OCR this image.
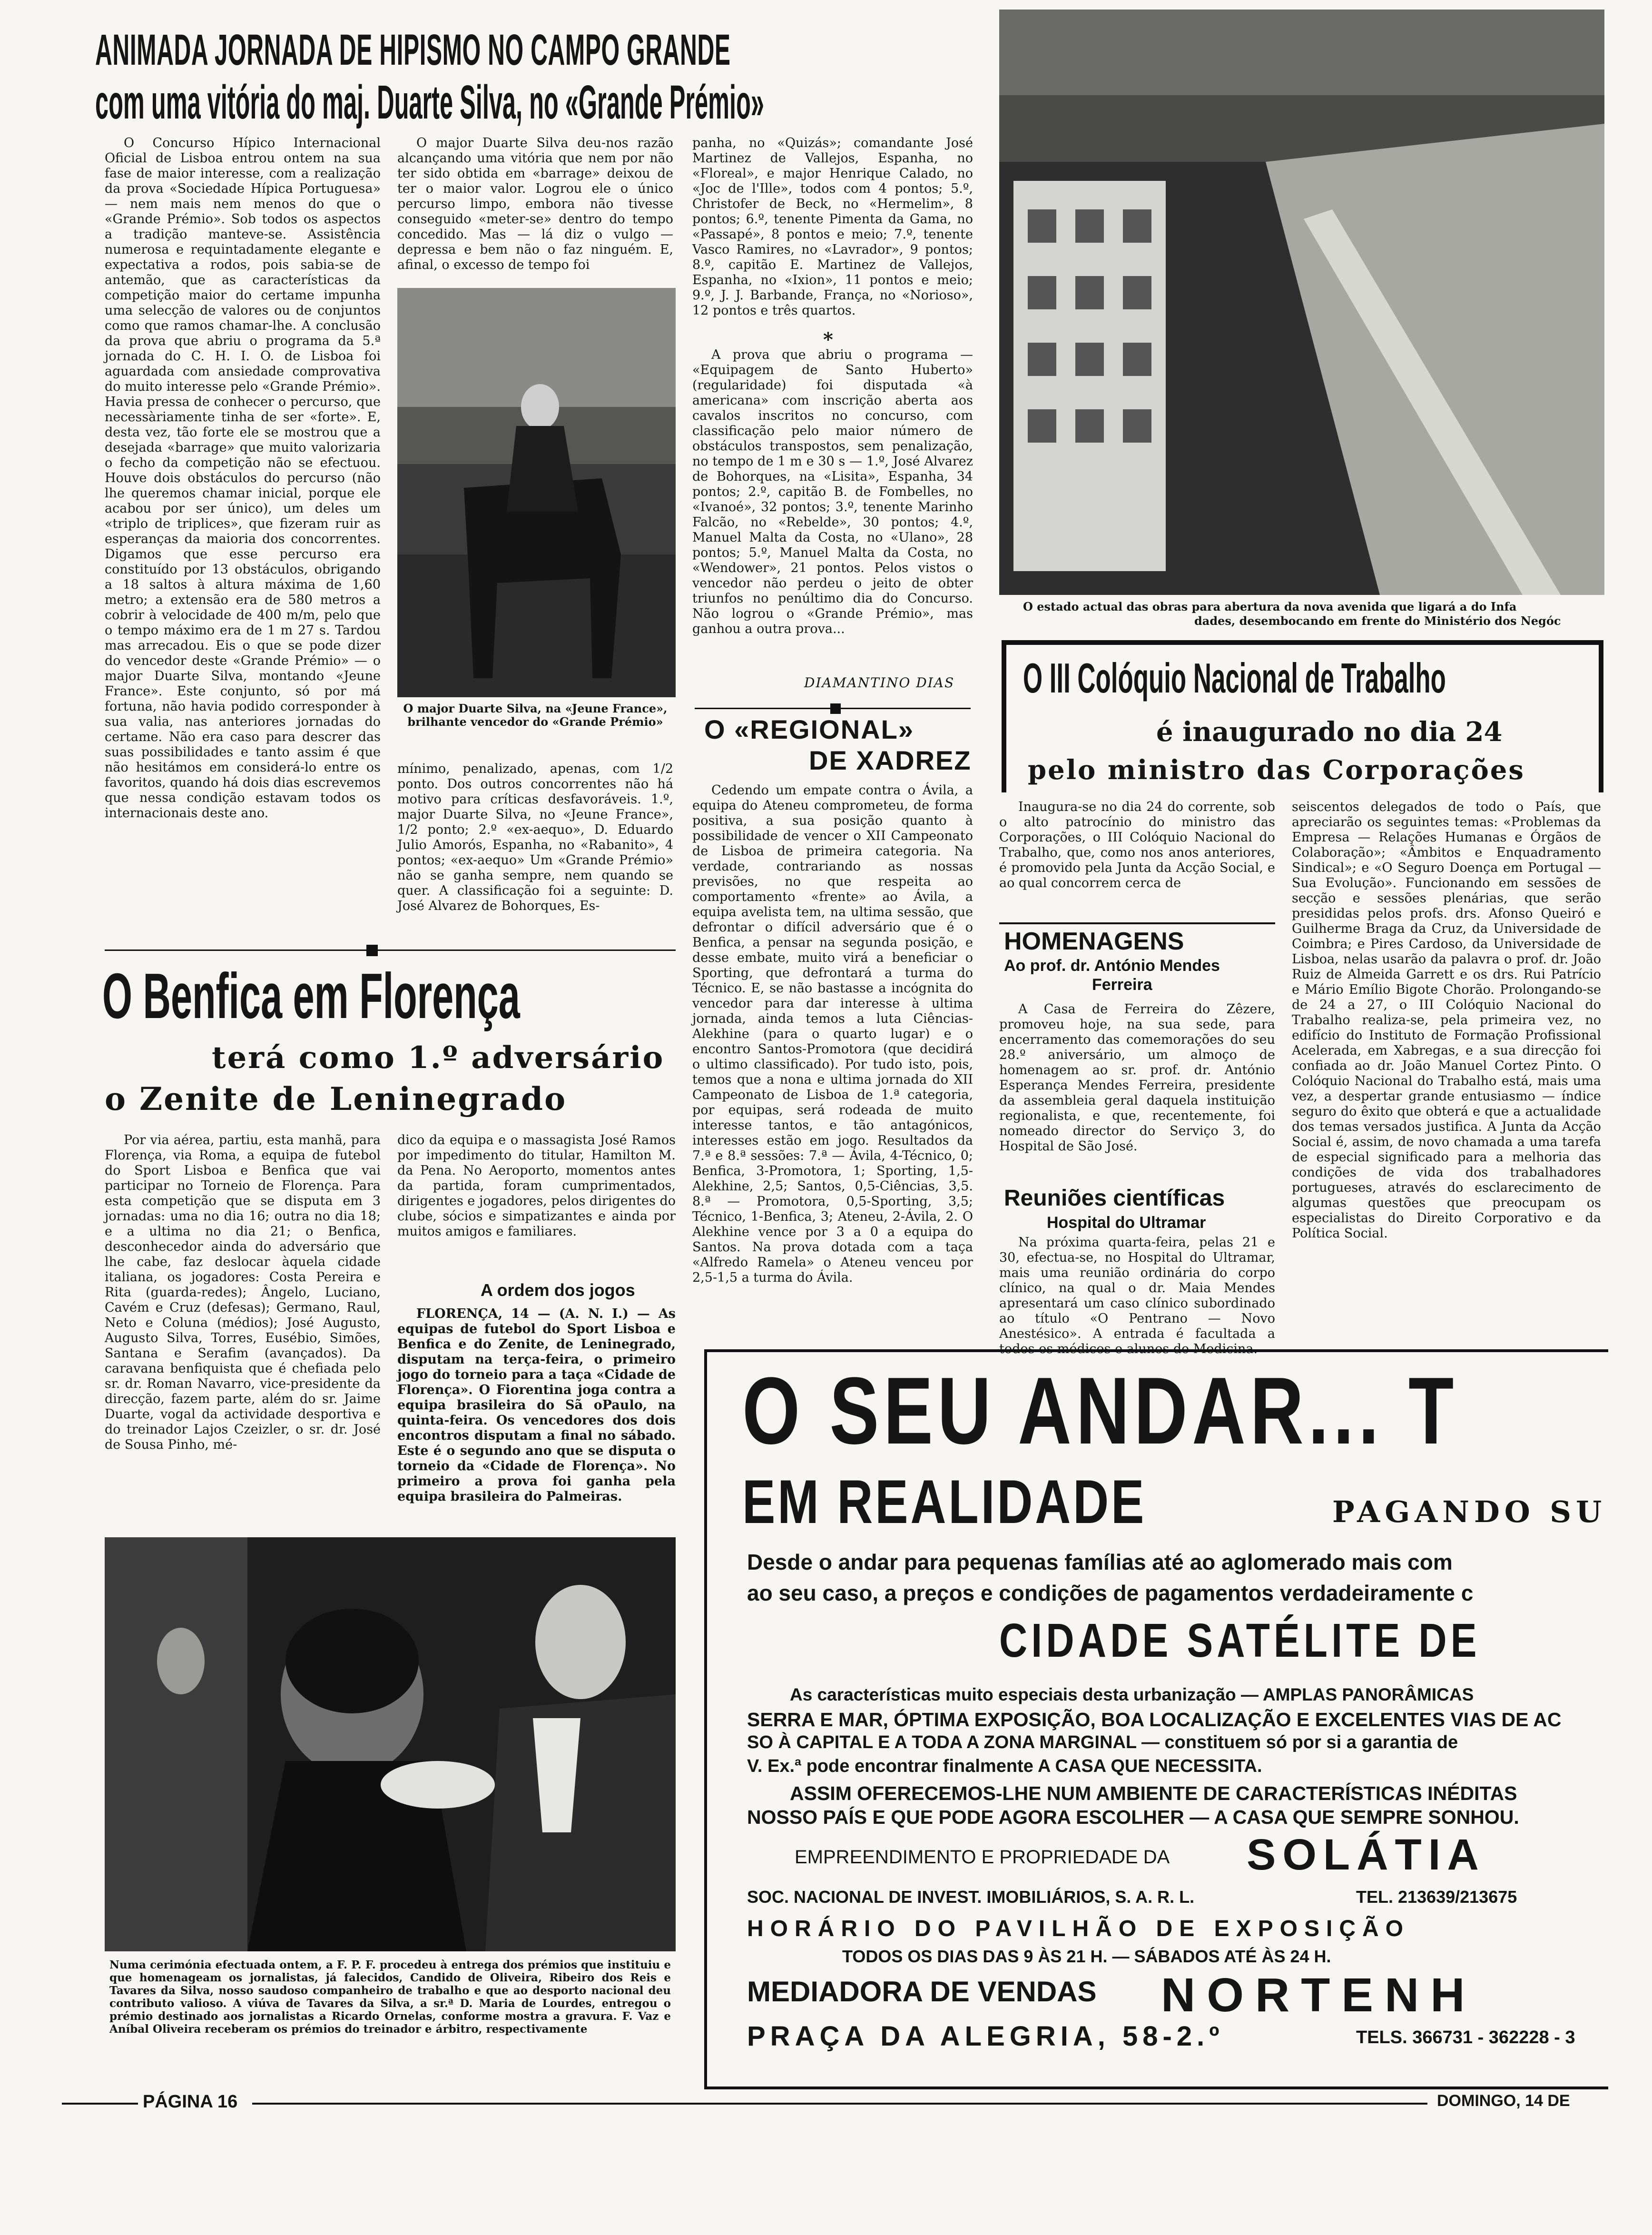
ANIMADA JORNADA DE HIPISMO NO CAMPO GRANDE
com uma vitória do maj. Duarte Silva, no «Grande Prémio»

O Concurso Hípico Internacional Oficial de Lisboa entrou ontem na sua fase de maior interesse, com a realização da prova «Sociedade Hípica Portuguesa» — nem mais nem menos do que o «Grande Prémio». Sob todos os aspectos a tradição manteve-se. Assistência numerosa e requintadamente elegante e expectativa a rodos, pois sabia-se de antemão, que as características da competição maior do certame impunha uma selecção de valores ou de conjuntos como que ramos chamar-lhe. A conclusão da prova que abriu o programa da 5.ª jornada do C. H. I. O. de Lisboa foi aguardada com ansiedade comprovativa do muito interesse pelo «Grande Prémio». Havia pressa de conhecer o percurso, que necessàriamente tinha de ser «forte». E, desta vez, tão forte ele se mostrou que a desejada «barrage» que muito valorizaria o fecho da competição não se efectuou. Houve dois obstáculos do percurso (não lhe queremos chamar inicial, porque ele acabou por ser único), um deles um «triplo de triplices», que fizeram ruir as esperanças da maioria dos concorrentes. Digamos que esse percurso era constituído por 13 obstáculos, obrigando a 18 saltos à altura máxima de 1,60 metro; a extensão era de 580 metros a cobrir à velocidade de 400 m/m, pelo que o tempo máximo era de 1 m 27 s. Tardou mas arrecadou. Eis o que se pode dizer do vencedor deste «Grande Prémio» — o major Duarte Silva, montando «Jeune France». Este conjunto, só por má fortuna, não havia podido corresponder à sua valia, nas anteriores jornadas do certame. Não era caso para descrer das suas possibilidades e tanto assim é que não hesitámos em considerá-lo entre os favoritos, quando há dois dias escrevemos que nessa condição estavam todos os internacionais deste ano.

O major Duarte Silva deu-nos razão alcançando uma vitória que nem por não ter sido obtida em «barrage» deixou de ter o maior valor. Logrou ele o único percurso limpo, embora não tivesse conseguido «meter-se» dentro do tempo concedido. Mas — lá diz o vulgo — depressa e bem não o faz ninguém. E, afinal, o excesso de tempo foi

O major Duarte Silva, na «Jeune France», brilhante vencedor do «Grande Prémio»

mínimo, penalizado, apenas, com 1/2 ponto. Dos outros concorrentes não há motivo para críticas desfavoráveis. 1.º, major Duarte Silva, no «Jeune France», 1/2 ponto; 2.º «ex-aequo», D. Eduardo Julio Amorós, Espanha, no «Rabanito», 4 pontos; «ex-aequo» Um «Grande Prémio» não se ganha sempre, nem quando se quer. A classificação foi a seguinte: D. José Alvarez de Bohorques, Es-

panha, no «Quizás»; comandante José Martinez de Vallejos, Espanha, no «Floreal», e major Henrique Calado, no «Joc de l'Ille», todos com 4 pontos; 5.º, Christofer de Beck, no «Hermelim», 8 pontos; 6.º, tenente Pimenta da Gama, no «Passapé», 8 pontos e meio; 7.º, tenente Vasco Ramires, no «Lavrador», 9 pontos; 8.º, capitão E. Martinez de Vallejos, Espanha, no «Ixion», 11 pontos e meio; 9.º, J. J. Barbande, França, no «Norioso», 12 pontos e três quartos.

*

A prova que abriu o programa — «Equipagem de Santo Huberto» (regularidade) foi disputada «à americana» com inscrição aberta aos cavalos inscritos no concurso, com classificação pelo maior número de obstáculos transpostos, sem penalização, no tempo de 1 m e 30 s — 1.º, José Alvarez de Bohorques, na «Lisita», Espanha, 34 pontos; 2.º, capitão B. de Fombelles, no «Ivanoé», 32 pontos; 3.º, tenente Marinho Falcão, no «Rebelde», 30 pontos; 4.º, Manuel Malta da Costa, no «Ulano», 28 pontos; 5.º, Manuel Malta da Costa, no «Wendower», 21 pontos. Pelos vistos o vencedor não perdeu o jeito de obter triunfos no penúltimo dia do Concurso. Não logrou o «Grande Prémio», mas ganhou a outra prova...

DIAMANTINO DIAS
O estado actual das obras para abertura da nova avenida que ligará a do Infa
dades, desembocando em frente do Ministério dos Negóc
O III Colóquio Nacional de Trabalho
é inaugurado no dia 24
pelo ministro das Corporações

Inaugura-se no dia 24 do corrente, sob o alto patrocínio do ministro das Corporações, o III Colóquio Nacional do Trabalho, que, como nos anos anteriores, é promovido pela Junta da Acção Social, e ao qual concorrem cerca de

seiscentos delegados de todo o País, que apreciarão os seguintes temas: «Problemas da Empresa — Relações Humanas e Órgãos de Colaboração»; «Âmbitos e Enquadramento Sindical»; e «O Seguro Doença em Portugal — Sua Evolução». Funcionando em sessões de secção e sessões plenárias, que serão presididas pelos profs. drs. Afonso Queiró e Guilherme Braga da Cruz, da Universidade de Coimbra; e Pires Cardoso, da Universidade de Lisboa, nelas usarão da palavra o prof. dr. João Ruiz de Almeida Garrett e os drs. Rui Patrício e Mário Emílio Bigote Chorão. Prolongando-se de 24 a 27, o III Colóquio Nacional do Trabalho realiza-se, pela primeira vez, no edifício do Instituto de Formação Profissional Acelerada, em Xabregas, e a sua direcção foi confiada ao dr. João Manuel Cortez Pinto. O Colóquio Nacional do Trabalho está, mais uma vez, a despertar grande entusiasmo — índice seguro do êxito que obterá e que a actualidade dos temas versados justifica. A Junta da Acção Social é, assim, de novo chamada a uma tarefa de especial significado para a melhoria das condições de vida dos trabalhadores portugueses, através do esclarecimento de algumas questões que preocupam os especialistas do Direito Corporativo e da Política Social.

HOMENAGENS
Ao prof. dr. António Mendes
Ferreira

A Casa de Ferreira do Zêzere, promoveu hoje, na sua sede, para encerramento das comemorações do seu 28.º aniversário, um almoço de homenagem ao sr. prof. dr. António Esperança Mendes Ferreira, presidente da assembleia geral daquela instituição regionalista, e que, recentemente, foi nomeado director do Serviço 3, do Hospital de São José.

Reuniões científicas
Hospital do Ultramar

Na próxima quarta-feira, pelas 21 e 30, efectua-se, no Hospital do Ultramar, mais uma reunião ordinária do corpo clínico, na qual o dr. Maia Mendes apresentará um caso clínico subordinado ao título «O Pentrano — Novo Anestésico». A entrada é facultada a todos os médicos e alunos de Medicina.

O «REGIONAL»
DE XADREZ

Cedendo um empate contra o Ávila, a equipa do Ateneu comprometeu, de forma positiva, a sua posição quanto à possibilidade de vencer o XII Campeonato de Lisboa de primeira categoria. Na verdade, contrariando as nossas previsões, no que respeita ao comportamento «frente» ao Ávila, a equipa avelista tem, na ultima sessão, que defrontar o difícil adversário que é o Benfica, a pensar na segunda posição, e desse embate, muito virá a beneficiar o Sporting, que defrontará a turma do Técnico. E, se não bastasse a incógnita do vencedor para dar interesse à ultima jornada, ainda temos a luta Ciências-Alekhine (para o quarto lugar) e o encontro Santos-Promotora (que decidirá o ultimo classificado). Por tudo isto, pois, temos que a nona e ultima jornada do XII Campeonato de Lisboa de 1.ª categoria, por equipas, será rodeada de muito interesse tantos, e tão antagónicos, interesses estão em jogo. Resultados da 7.ª e 8.ª sessões: 7.ª — Ávila, 4-Técnico, 0; Benfica, 3-Promotora, 1; Sporting, 1,5-Alekhine, 2,5; Santos, 0,5-Ciências, 3,5. 8.ª — Promotora, 0,5-Sporting, 3,5; Técnico, 1-Benfica, 3; Ateneu, 2-Ávila, 2. O Alekhine vence por 3 a 0 a equipa do Santos. Na prova dotada com a taça «Alfredo Ramela» o Ateneu venceu por 2,5-1,5 a turma do Ávila.

O Benfica em Florença
terá como 1.º adversário
o Zenite de Leninegrado

Por via aérea, partiu, esta manhã, para Florença, via Roma, a equipa de futebol do Sport Lisboa e Benfica que vai participar no Torneio de Florença. Para esta competição que se disputa em 3 jornadas: uma no dia 16; outra no dia 18; e a ultima no dia 21; o Benfica, desconhecedor ainda do adversário que lhe cabe, faz deslocar àquela cidade italiana, os jogadores: Costa Pereira e Rita (guarda-redes); Ângelo, Luciano, Cavém e Cruz (defesas); Germano, Raul, Neto e Coluna (médios); José Augusto, Augusto Silva, Torres, Eusébio, Simões, Santana e Serafim (avançados). Da caravana benfiquista que é chefiada pelo sr. dr. Roman Navarro, vice-presidente da direcção, fazem parte, além do sr. Jaime Duarte, vogal da actividade desportiva e do treinador Lajos Czeizler, o sr. dr. José de Sousa Pinho, mé-

dico da equipa e o massagista José Ramos por impedimento do titular, Hamilton M. da Pena. No Aeroporto, momentos antes da partida, foram cumprimentados, dirigentes e jogadores, pelos dirigentes do clube, sócios e simpatizantes e ainda por muitos amigos e familiares.

A ordem dos jogos

FLORENÇA, 14 — (A. N. I.) — As equipas de futebol do Sport Lisboa e Benfica e do Zenite, de Leninegrado, disputam na terça-feira, o primeiro jogo do torneio para a taça «Cidade de Florença». O Fiorentina joga contra a equipa brasileira do Sã oPaulo, na quinta-feira. Os vencedores dos dois encontros disputam a final no sábado. Este é o segundo ano que se disputa o torneio da «Cidade de Florença». No primeiro a prova foi ganha pela equipa brasileira do Palmeiras.

Numa cerimónia efectuada ontem, a F. P. F. procedeu à entrega dos prémios que instituiu e que homenageam os jornalistas, já falecidos, Candido de Oliveira, Ribeiro dos Reis e Tavares da Silva, nosso saudoso companheiro de trabalho e que ao desporto nacional deu contributo valioso. A viúva de Tavares da Silva, a sr.ª D. Maria de Lourdes, entregou o prémio destinado aos jornalistas a Ricardo Ornelas, conforme mostra a gravura. F. Vaz e Aníbal Oliveira receberam os prémios do treinador e árbitro, respectivamente
O SEU ANDAR... T
EM REALIDADE	PAGANDO SU
Desde o andar para pequenas famílias até ao aglomerado mais com
ao seu caso, a preços e condições de pagamentos verdadeiramente c
CIDADE SATÉLITE DE
As características muito especiais desta urbanização — AMPLAS PANORÂMICAS
SERRA E MAR, ÓPTIMA EXPOSIÇÃO, BOA LOCALIZAÇÃO E EXCELENTES VIAS DE AC
SO À CAPITAL E A TODA A ZONA MARGINAL — constituem só por si a garantia de
V. Ex.ª pode encontrar finalmente A CASA QUE NECESSITA.
ASSIM OFERECEMOS-LHE NUM AMBIENTE DE CARACTERÍSTICAS INÉDITAS
NOSSO PAÍS E QUE PODE AGORA ESCOLHER — A CASA QUE SEMPRE SONHOU.
EMPREENDIMENTO E PROPRIEDADE DA SOLÁTIA
SOC. NACIONAL DE INVEST. IMOBILIÁRIOS, S. A. R. L.	TEL. 213639/213675
HORÁRIO DO PAVILHÃO DE EXPOSIÇÃO
TODOS OS DIAS DAS 9 ÀS 21 H. — SÁBADOS ATÉ ÀS 24 H.
MEDIADORA DE VENDAS NORTENH
PRAÇA DA ALEGRIA, 58-2.º	TELS. 366731 - 362228 - 3
PÁGINA 16	DOMINGO, 14 DE
